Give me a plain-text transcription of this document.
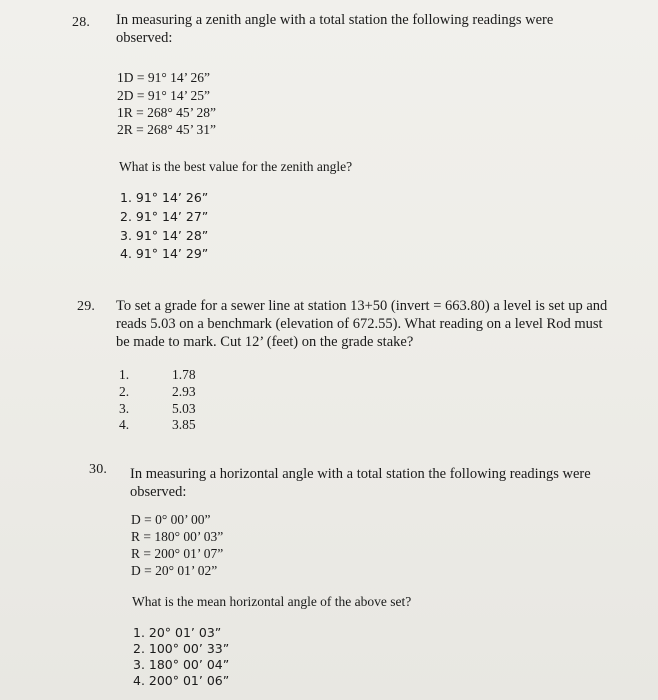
28. In measuring a zenith angle with a total station the following readings were observed:
1D = 91° 14’ 26”
2D = 91° 14’ 25”
1R = 268° 45’ 28”
2R = 268° 45’ 31”
What is the best value for the zenith angle?
1. 91° 14’ 26”
2. 91° 14’ 27”
3. 91° 14’ 28”
4. 91° 14’ 29”
29. To set a grade for a sewer line at station 13+50 (invert = 663.80) a level is set up and reads 5.03 on a benchmark (elevation of 672.55). What reading on a level Rod must be made to mark. Cut 12’ (feet) on the grade stake?
1.
2.
3.
4.
1.78
2.93
5.03
3.85
30. In measuring a horizontal angle with a total station the following readings were observed:
D = 0° 00’ 00”
R = 180° 00’ 03”
R = 200° 01’ 07”
D = 20° 01’ 02”
What is the mean horizontal angle of the above set?
1. 20° 01’ 03”
2. 100° 00’ 33”
3. 180° 00’ 04”
4. 200° 01’ 06”
